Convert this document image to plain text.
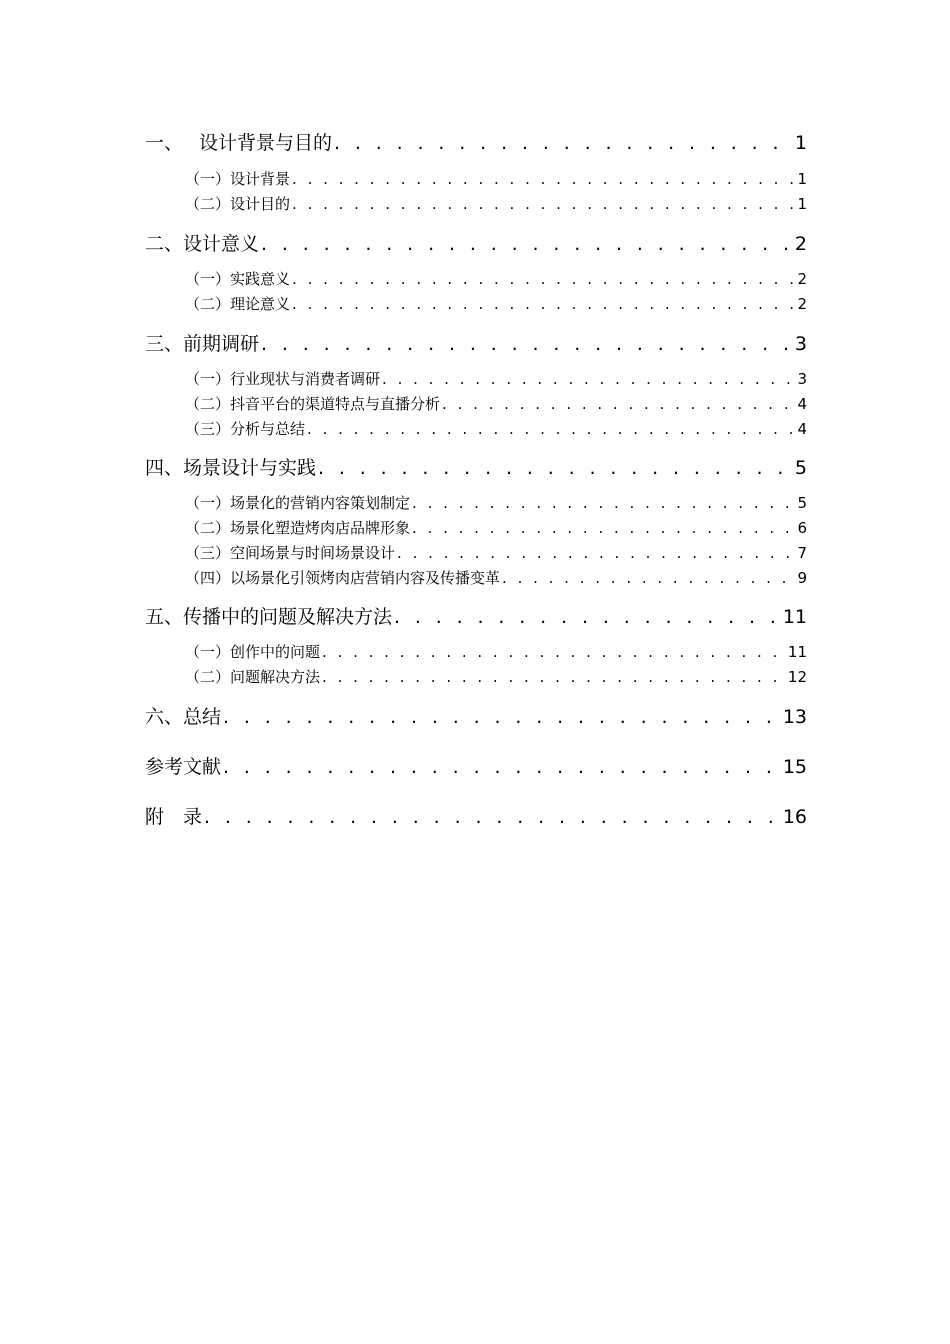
一、 设计背景与目的 . . .	1
（一）设计背景 . . .	1
（二）设计目的 . . .	1
二、设计意义 . . .	2
（一）实践意义 . . .	2
（二）理论意义 . . .	2
三、前期调研 . . .	3
（一）行业现状与消费者调研 . . .	3
（二）抖音平台的渠道特点与直播分析 . . .	4
（三）分析与总结 . . .	4
四、场景设计与实践 . . .	5
（一）场景化的营销内容策划制定 . . .	5
（二）场景化塑造烤肉店品牌形象 . . .	6
（三）空间场景与时间场景设计 . . .	7
（四）以场景化引领烤肉店营销内容及传播变革 . . .	9
五、传播中的问题及解决方法 . . .	11
（一）创作中的问题 . . .	11
（二）问题解决方法 . . .	12
六、总结 . . .	13
参考文献 . . .	15
附　录 . . .	16
